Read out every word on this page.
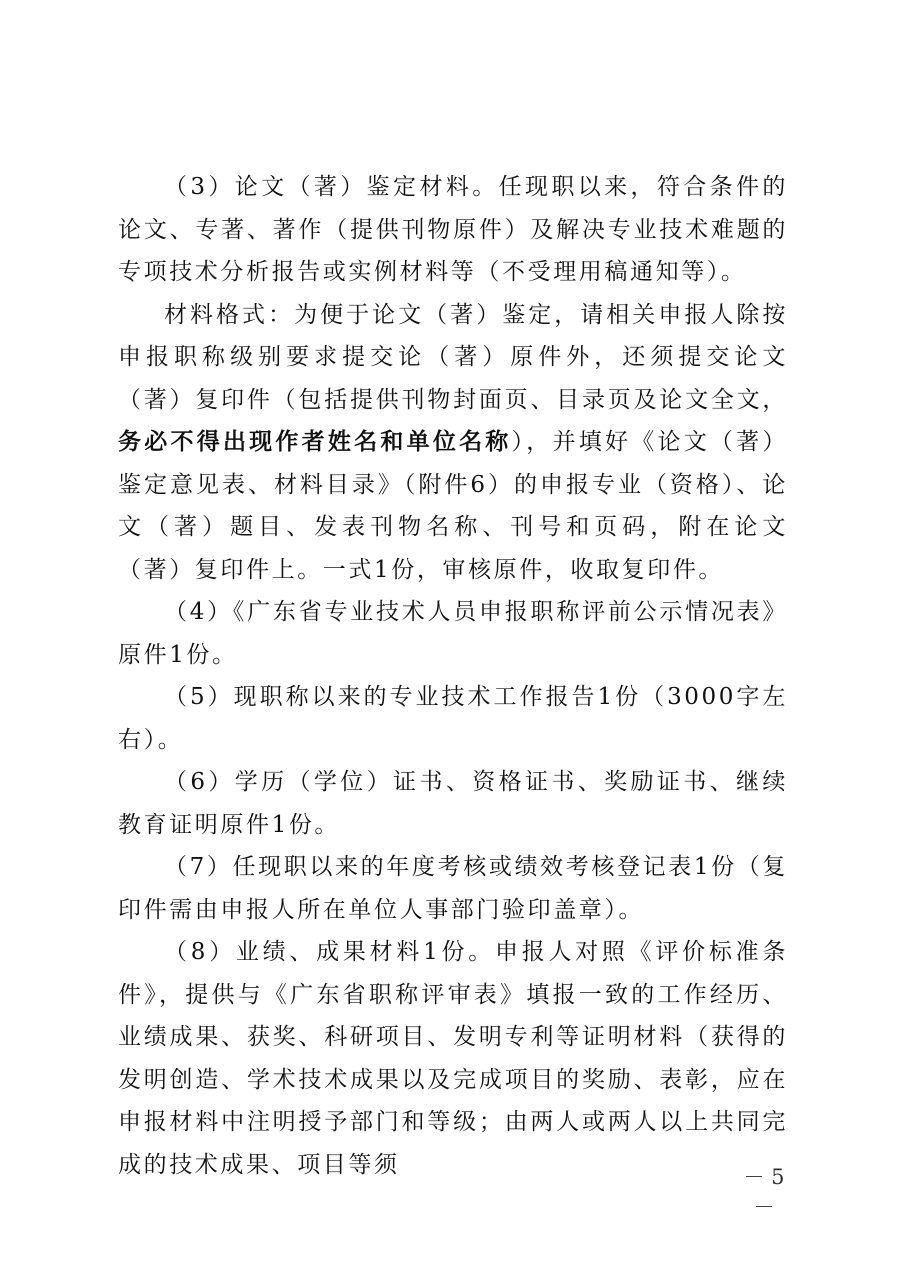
（3）论文（著）鉴定材料。任现职以来，符合条件的论文、专著、著作（提供刊物原件）及解决专业技术难题的专项技术分析报告或实例材料等（不受理用稿通知等）。

材料格式：为便于论文（著）鉴定，请相关申报人除按申报职称级别要求提交论（著）原件外，还须提交论文（著）复印件（包括提供刊物封面页、目录页及论文全文，务必不得出现作者姓名和单位名称），并填好《论文（著）鉴定意见表、材料目录》（附件6）的申报专业（资格）、论文（著）题目、发表刊物名称、刊号和页码，附在论文（著）复印件上。一式1份，审核原件，收取复印件。

（4）《广东省专业技术人员申报职称评前公示情况表》原件1份。

（5）现职称以来的专业技术工作报告1份（3000字左右）。

（6）学历（学位）证书、资格证书、奖励证书、继续教育证明原件1份。

（7）任现职以来的年度考核或绩效考核登记表1份（复印件需由申报人所在单位人事部门验印盖章）。

（8）业绩、成果材料1份。申报人对照《评价标准条件》，提供与《广东省职称评审表》填报一致的工作经历、业绩成果、获奖、科研项目、发明专利等证明材料（获得的发明创造、学术技术成果以及完成项目的奖励、表彰，应在申报材料中注明授予部门和等级；由两人或两人以上共同完成的技术成果、项目等须	－ 5 －
